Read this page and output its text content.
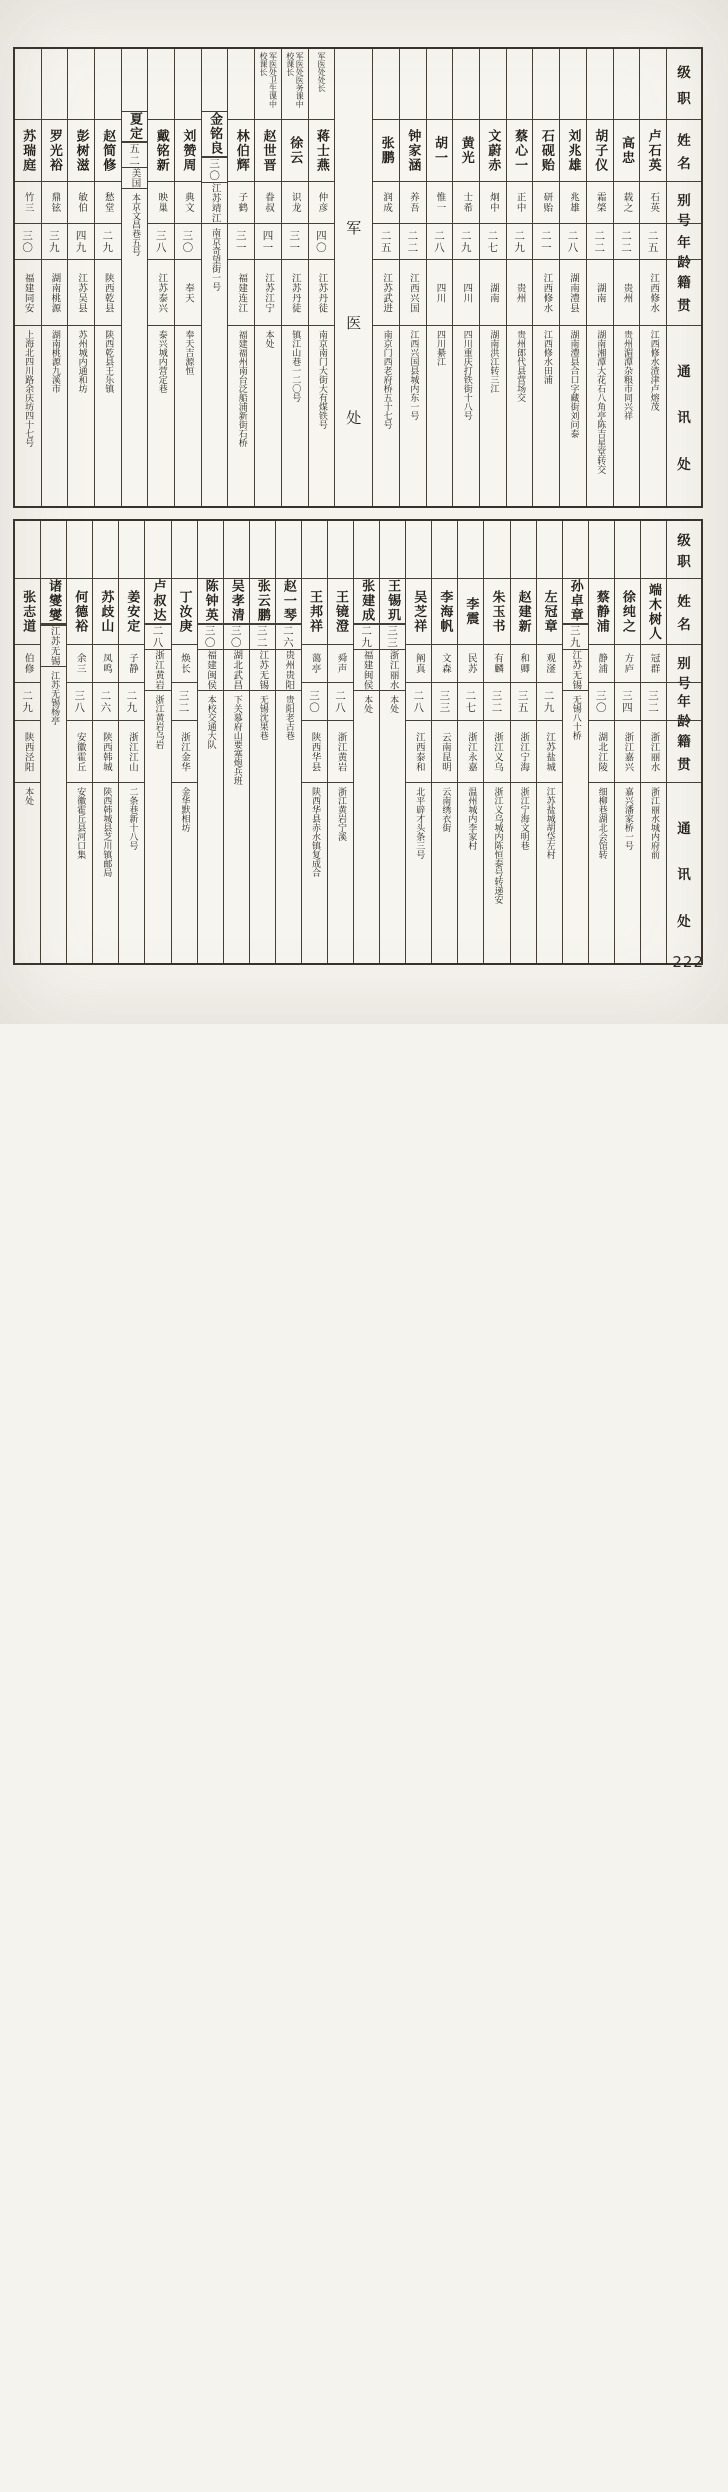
级
职
姓
名
别
号
年
龄
籍
贯
通
讯
处
卢石英
石英
二五
江西修水
江西修水渣津卢熔茂
高忠
载之
二二
贵州
贵州湄潭杂粮市同兴祥
胡子仪
霜棨
二二
湖南
湖南湘潭大花石八角亭陈吉星堂转交
刘兆雄
兆雄
二八
湖南澧县
湖南澧县合口字藏街刘问泰
石砚贻
研贻
二一
江西修水
江西修水田浦
蔡心一
正中
二九
贵州
贵州郎代县营场交
文蔚赤
炯中
二七
湖南
湖南洪江转三江
黄光
士希
二九
四川
四川重庆打铁街十八号
胡一
惟一
二八
四川
四川綦江
钟家涵
养吾
二二
江西兴国
江西兴国县城内东一号
张鹏
润成
二五
江苏武进
南京门西老府桥五十七号
军
医
处
军医处处长
蒋士燕
仲彦
四〇
江苏丹徒
南京南门大街大有煤铁号
军医处医务课中校课长
徐云
识龙
三一
江苏丹徒
镇江山巷一二〇号
军医处卫生课中校课长
赵世晋
眷叔
四一
江苏江宁
本处
林伯辉
子鹤
三一
福建连江
福建福州南台泛船浦新街石桥
金铭良
三〇
江苏靖江
南京奇望街一号
刘赞周
典文
三〇
奉天
奉天吉源恒
戴铭新
映巢
三八
江苏泰兴
泰兴城内营定巷
夏定
五二
美国
本京文昌巷五号
赵简修
愁堂
二九
陕西乾县
陕西乾县王乐镇
彭树滋
敏伯
四九
江苏吴县
苏州城内通和坊
罗光裕
鼎铉
三九
湖南桃源
湖南桃源九溪市
苏瑞庭
竹三
三〇
福建同安
上海北四川路余庆坊四十七号
级
职
姓
名
别
号
年
龄
籍
贯
通
讯
处
端木树人
冠群
三二
浙江丽水
浙江丽水城内府前
徐纯之
方庐
三四
浙江嘉兴
嘉兴潘家桥一号
蔡静浦
静浦
三〇
湖北江陵
细柳巷湖北会馆转
孙卓章
三九
江苏无锡
无锡八十桥
左冠章
观滏
二九
江苏盐城
江苏盐城胡垈左村
赵建新
和卿
三五
浙江宁海
浙江宁海文明巷
朱玉书
有麟
三二
浙江义乌
浙江义乌城内陈恒泰号转递安
李震
民苏
二七
浙江永嘉
温州城内李家村
李海帆
文森
三三
云南昆明
云南绣衣街
吴芝祥
阐真
二八
江西泰和
北平辟才头条三号
王锡玑
三三
浙江丽水
本处
张建成
二九
福建闽侯
本处
王镜澄
舜声
二八
浙江黄岩
浙江黄岩宁溪
王邦祥
蔼亭
三〇
陕西华县
陕西华县赤水镇复成合
赵一琴
二六
贵州贵阳
贵阳老古巷
张云鹏
三二
江苏无锡
无锡沈果巷
吴孝清
三〇
湖北武昌
下关慕府山要塞炮兵班
陈钟英
三〇
福建闽侯
本校交通大队
丁汝庚
焕长
三二
浙江金华
金华默相坊
卢叔达
二八
浙江黄岩
浙江黄岩乌岩
姜安定
子静
二九
浙江江山
二条巷新十八号
苏歧山
凤鸣
二六
陕西韩城
陕西韩城县芝川镇邮局
何德裕
余三
三八
安徽霍丘
安徽霍丘县河口集
诸燮燮
江苏无锡
江苏无锡杨亭
张志道
伯修
二九
陕西泾阳
本处
222
